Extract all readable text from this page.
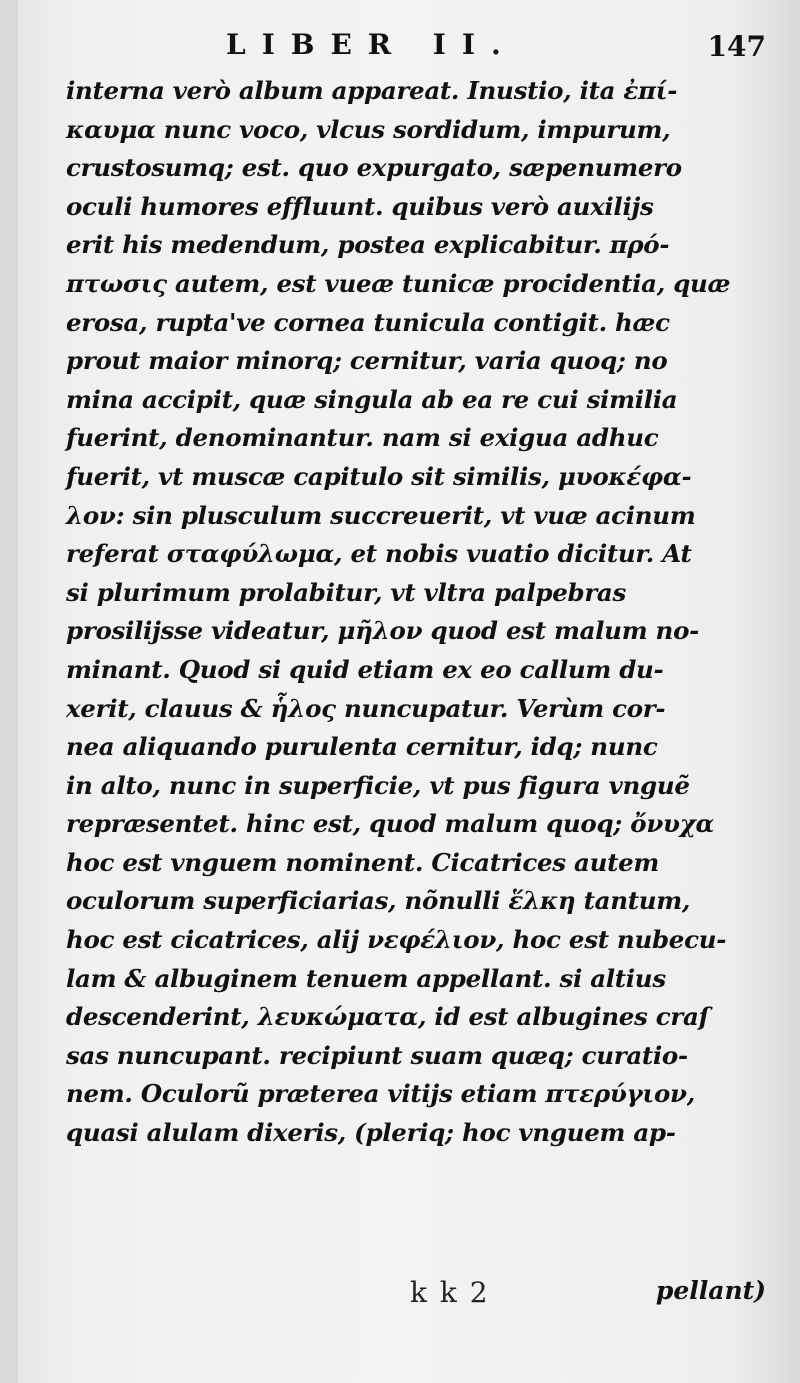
LIBER II.	147
interna verò album appareat. Inustio, ita ἐπί-
καυμα nunc voco, vlcus sordidum, impurum,
crustosumq; est. quo expurgato, sæpenumero
oculi humores effluunt. quibus verò auxilijs
erit his medendum, postea explicabitur. πρό-
πτωσις autem, est vueæ tunicæ procidentia, quæ
erosa, rupta've cornea tunicula contigit. hæc
prout maior minorq; cernitur, varia quoq; no
mina accipit, quæ singula ab ea re cui similia
fuerint, denominantur. nam si exigua adhuc
fuerit, vt muscæ capitulo sit similis, μυοκέφα-
λον: sin plusculum succreuerit, vt vuæ acinum
referat σταφύλωμα, et nobis vuatio dicitur. At
si plurimum prolabitur, vt vltra palpebras
prosilijsse videatur, μῆλον quod est malum no-
minant. Quod si quid etiam ex eo callum du-
xerit, clauus & ἧλος nuncupatur. Verùm cor-
nea aliquando purulenta cernitur, idq; nunc
in alto, nunc in superficie, vt pus figura vnguẽ
repræsentet. hinc est, quod malum quoq; ὄνυχα
hoc est vnguem nominent. Cicatrices autem
oculorum superficiarias, nõnulli ἕλκη tantum,
hoc est cicatrices, alij νεφέλιον, hoc est nubecu-
lam & albuginem tenuem appellant. si altius
descenderint, λευκώματα, id est albugines craſ
sas nuncupant. recipiunt suam quæq; curatio-
nem. Oculorũ præterea vitijs etiam πτερύγιον,
quasi alulam dixeris, (pleriq; hoc vnguem ap-
k k 2	pellant)
